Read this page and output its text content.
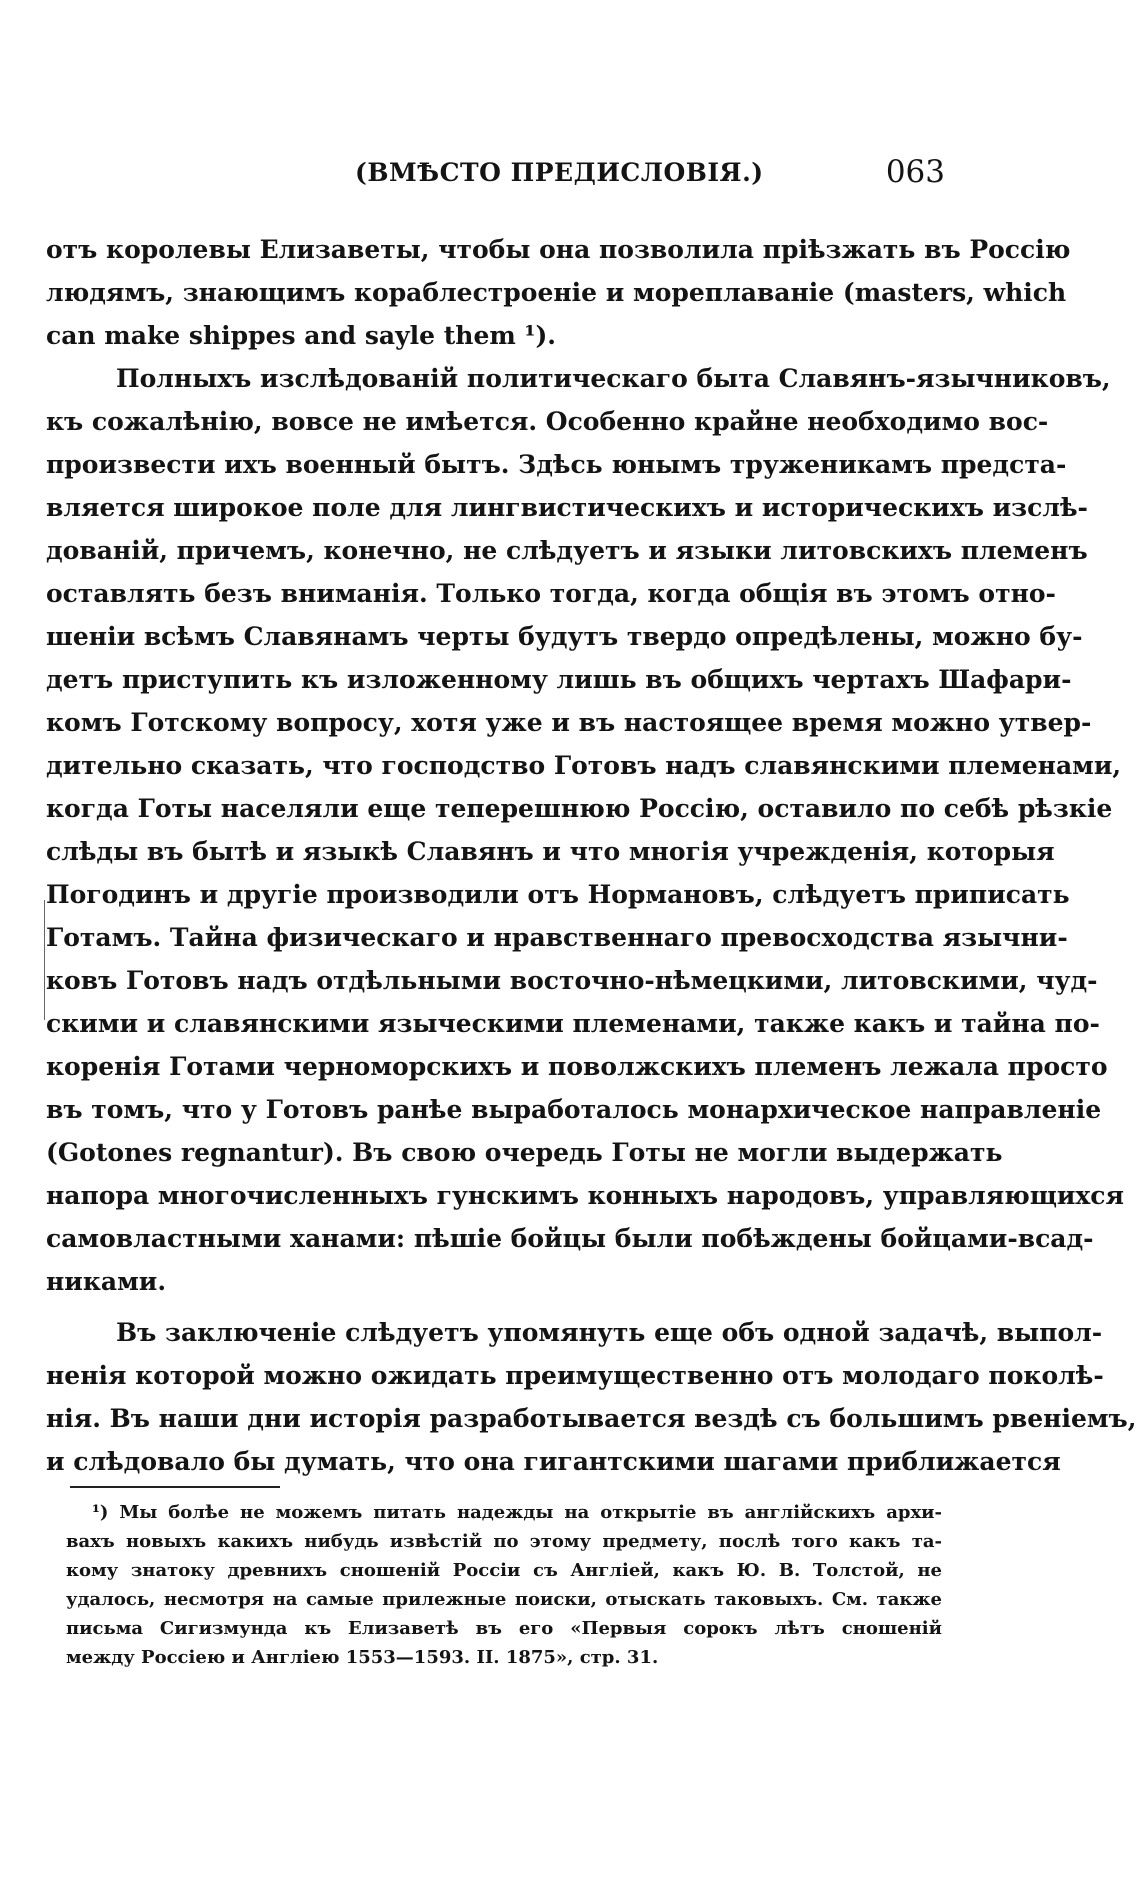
(ВМѢСТО ПРЕДИСЛОВІЯ.)	063
отъ королевы Елизаветы, чтобы она позволила пріѣзжать въ Россію
людямъ, знающимъ кораблестроеніе и мореплаваніе (masters, which
can make shippes and sayle them ¹).
Полныхъ изслѣдованій политическаго быта Славянъ-язычниковъ,
къ сожалѣнію, вовсе не имѣется. Особенно крайне необходимо вос-
произвести ихъ военный бытъ. Здѣсь юнымъ труженикамъ предста-
вляется широкое поле для лингвистическихъ и историческихъ изслѣ-
дованій, причемъ, конечно, не слѣдуетъ и языки литовскихъ племенъ
оставлять безъ вниманія. Только тогда, когда общія въ этомъ отно-
шеніи всѣмъ Славянамъ черты будутъ твердо опредѣлены, можно бу-
детъ приступить къ изложенному лишь въ общихъ чертахъ Шафари-
комъ Готскому вопросу, хотя уже и въ настоящее время можно утвер-
дительно сказать, что господство Готовъ надъ славянскими племенами,
когда Готы населяли еще теперешнюю Россію, оставило по себѣ рѣзкіе
слѣды въ бытѣ и языкѣ Славянъ и что многія учрежденія, которыя
Погодинъ и другіе производили отъ Нормановъ, слѣдуетъ приписать
Готамъ. Тайна физическаго и нравственнаго превосходства язычни-
ковъ Готовъ надъ отдѣльными восточно-нѣмецкими, литовскими, чуд-
скими и славянскими языческими племенами, также какъ и тайна по-
коренія Готами черноморскихъ и поволжскихъ племенъ лежала просто
въ томъ, что у Готовъ ранѣе выработалось монархическое направленіе
(Gotones regnantur). Въ свою очередь Готы не могли выдержать
напора многочисленныхъ гунскимъ конныхъ народовъ, управляющихся
самовластными ханами: пѣшіе бойцы были побѣждены бойцами-всад-
никами.
Въ заключеніе слѣдуетъ упомянуть еще объ одной задачѣ, выпол-
ненія которой можно ожидать преимущественно отъ молодаго поколѣ-
нія. Въ наши дни исторія разработывается вездѣ съ большимъ рвеніемъ,
и слѣдовало бы думать, что она гигантскими шагами приближается
¹) Мы болѣе не можемъ питать надежды на открытіе въ англійскихъ архи-
вахъ новыхъ какихъ нибудь извѣстій по этому предмету, послѣ того какъ та-
кому знатоку древнихъ сношеній Россіи съ Англіей, какъ Ю. В. Толстой, не
удалось, несмотря на самые прилежные поиски, отыскать таковыхъ. См. также
письма Сигизмунда къ Елизаветѣ въ его «Первыя сорокъ лѣтъ сношеній
между Россіею и Англіею 1553—1593. II. 1875», стр. 31.
